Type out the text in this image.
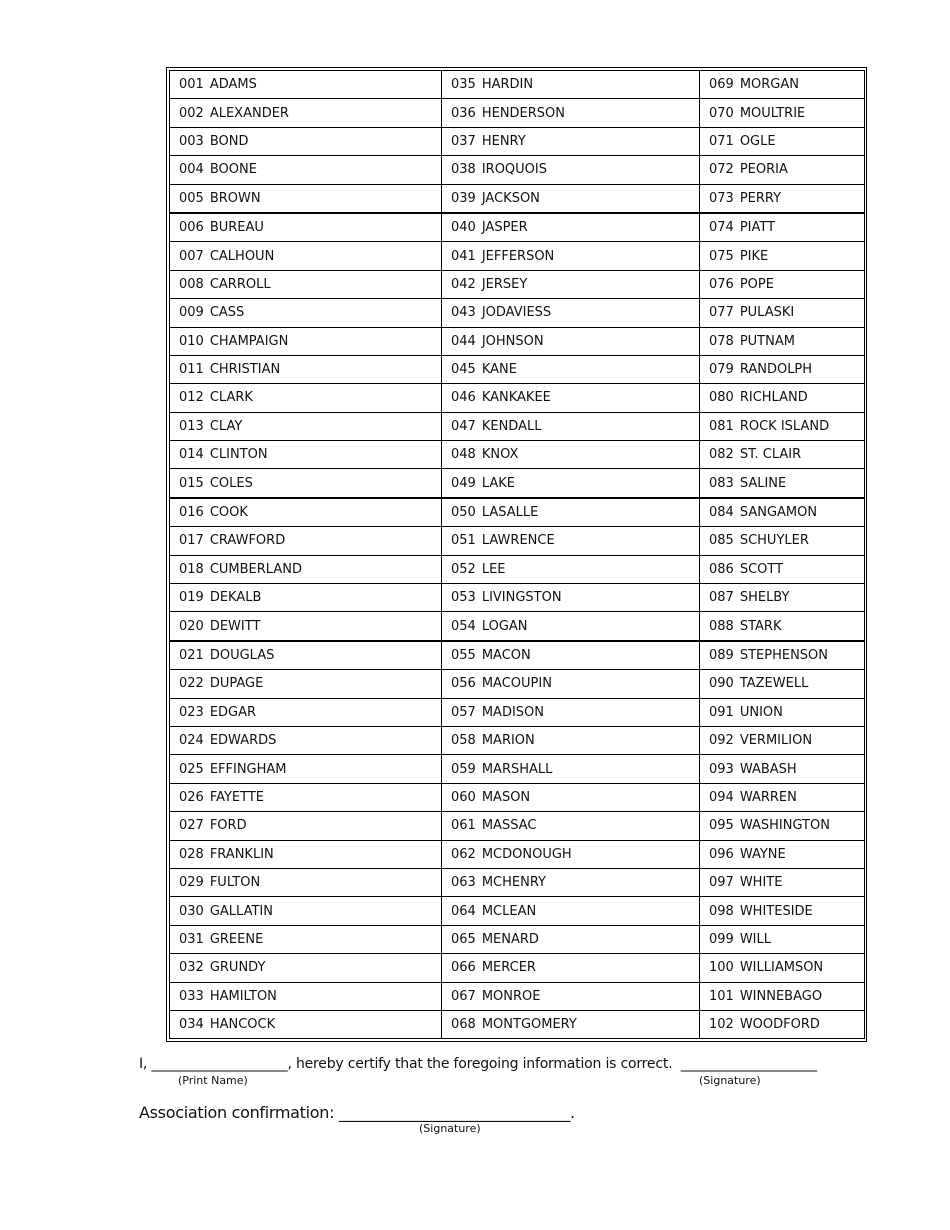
001 ADAMS	035 HARDIN	069 MORGAN
002 ALEXANDER	036 HENDERSON	070 MOULTRIE
003 BOND	037 HENRY	071 OGLE
004 BOONE	038 IROQUOIS	072 PEORIA
005 BROWN	039 JACKSON	073 PERRY
006 BUREAU	040 JASPER	074 PIATT
007 CALHOUN	041 JEFFERSON	075 PIKE
008 CARROLL	042 JERSEY	076 POPE
009 CASS	043 JODAVIESS	077 PULASKI
010 CHAMPAIGN	044 JOHNSON	078 PUTNAM
011 CHRISTIAN	045 KANE	079 RANDOLPH
012 CLARK	046 KANKAKEE	080 RICHLAND
013 CLAY	047 KENDALL	081 ROCK ISLAND
014 CLINTON	048 KNOX	082 ST. CLAIR
015 COLES	049 LAKE	083 SALINE
016 COOK	050 LASALLE	084 SANGAMON
017 CRAWFORD	051 LAWRENCE	085 SCHUYLER
018 CUMBERLAND	052 LEE	086 SCOTT
019 DEKALB	053 LIVINGSTON	087 SHELBY
020 DEWITT	054 LOGAN	088 STARK
021 DOUGLAS	055 MACON	089 STEPHENSON
022 DUPAGE	056 MACOUPIN	090 TAZEWELL
023 EDGAR	057 MADISON	091 UNION
024 EDWARDS	058 MARION	092 VERMILION
025 EFFINGHAM	059 MARSHALL	093 WABASH
026 FAYETTE	060 MASON	094 WARREN
027 FORD	061 MASSAC	095 WASHINGTON
028 FRANKLIN	062 MCDONOUGH	096 WAYNE
029 FULTON	063 MCHENRY	097 WHITE
030 GALLATIN	064 MCLEAN	098 WHITESIDE
031 GREENE	065 MENARD	099 WILL
032 GRUNDY	066 MERCER	100 WILLIAMSON
033 HAMILTON	067 MONROE	101 WINNEBAGO
034 HANCOCK	068 MONTGOMERY	102 WOODFORD
I, ____________________, hereby certify that the foregoing information is correct. ____________________
(Print Name)	(Signature)
Association confirmation: ______________________________.
(Signature)
